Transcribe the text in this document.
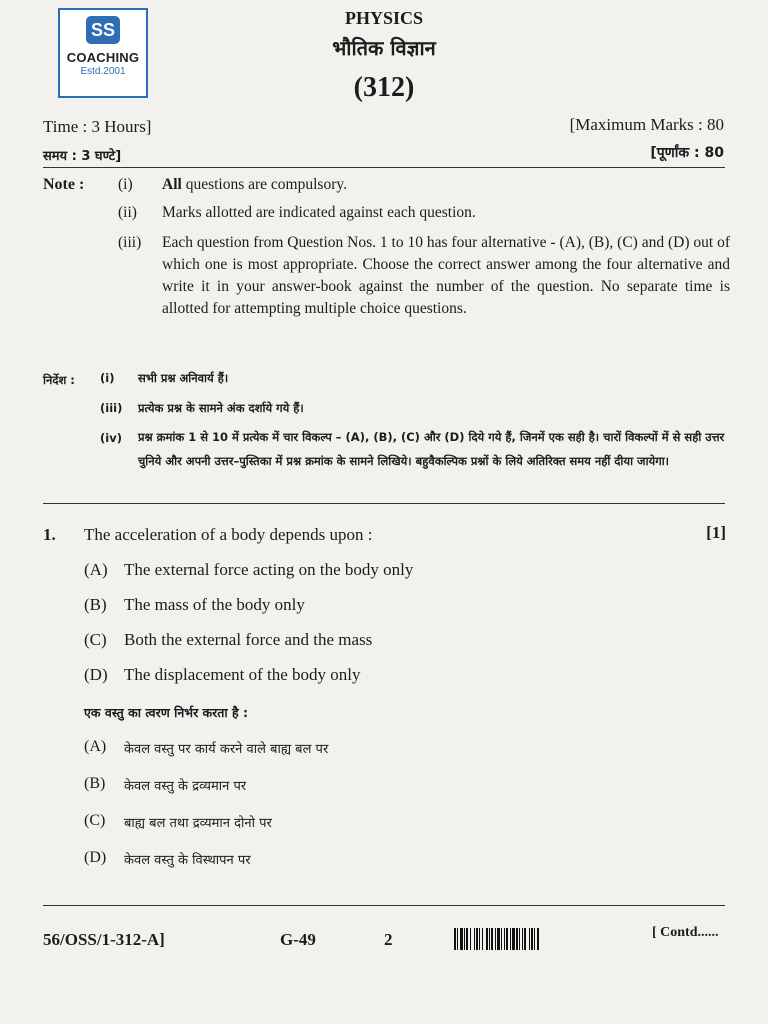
SS
COACHING
Estd.2001
PHYSICS
भौतिक विज्ञान
(312)
Time : 3 Hours]	[Maximum Marks : 80
समय : 3 घण्टे]	[पूर्णांक : 80
Note : (i) All questions are compulsory.
(ii) Marks allotted are indicated against each question.
(iii) Each question from Question Nos. 1 to 10 has four alternative - (A), (B), (C) and (D) out of which one is most appropriate. Choose the correct answer among the four alternative and write it in your answer-book against the number of the question. No separate time is allotted for attempting multiple choice questions.
निर्देश : (i) सभी प्रश्न अनिवार्य हैं।
(iii) प्रत्येक प्रश्न के सामने अंक दर्शाये गये हैं।
(iv) प्रश्न क्रमांक 1 से 10 में प्रत्येक में चार विकल्प – (A), (B), (C) और (D) दिये गये हैं, जिनमें एक सही है। चारों विकल्पों में से सही उत्तर चुनिये और अपनी उत्तर–पुस्तिका में प्रश्न क्रमांक के सामने लिखिये। बहुवैकल्पिक प्रश्नों के लिये अतिरिक्त समय नहीं दीया जायेगा।
1. The acceleration of a body depends upon :	[1]
(A) The external force acting on the body only
(B) The mass of the body only
(C) Both the external force and the mass
(D) The displacement of the body only
एक वस्तु का त्वरण निर्भर करता है :
(A) केवल वस्तु पर कार्य करने वाले बाह्य बल पर
(B) केवल वस्तु के द्रव्यमान पर
(C) बाह्य बल तथा द्रव्यमान दोनो पर
(D) केवल वस्तु के विस्थापन पर
56/OSS/1-312-A]	G-49	2	[ Contd......
